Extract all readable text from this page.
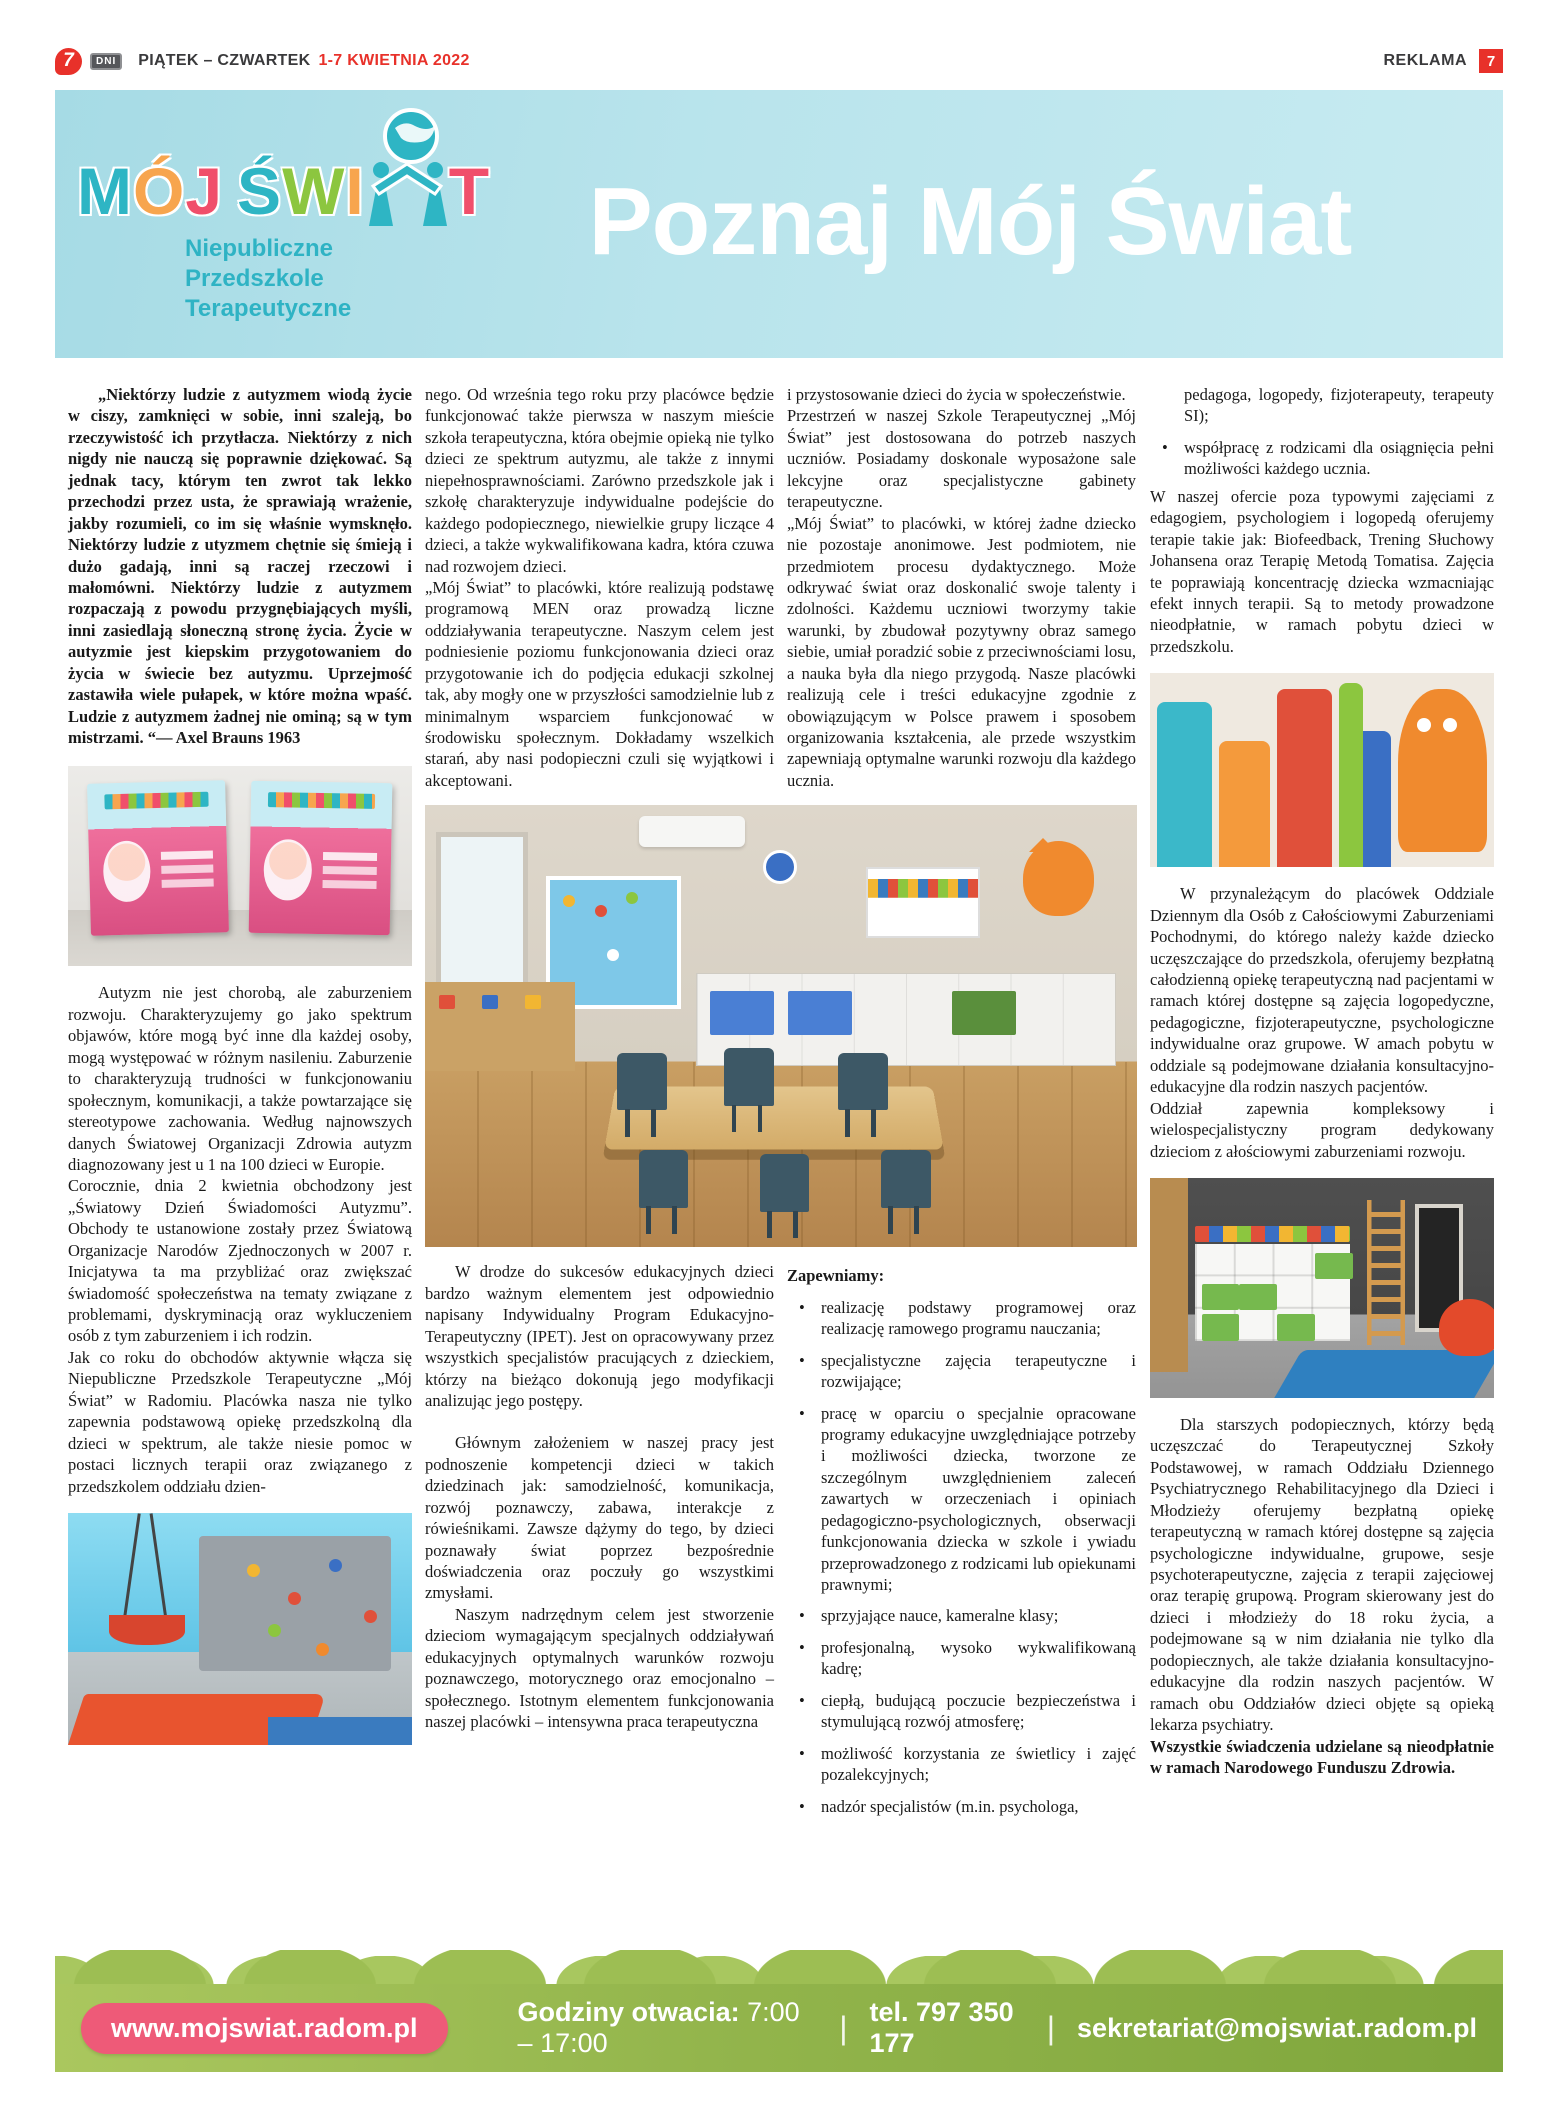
7	DNI	PIĄTEK – CZWARTEK 1-7 KWIETNIA 2022	REKLAMA	7
M Ó J Ś W I T
Niepubliczne Przedszkole
Terapeutyczne
Poznaj Mój Świat

„Niektórzy ludzie z autyzmem wiodą życie w ciszy, zamknięci w sobie, inni szaleją, bo rzeczywistość ich przytłacza. Niektórzy z nich nigdy nie nauczą się poprawnie dziękować. Są jednak tacy, którym ten zwrot tak lekko przechodzi przez usta, że sprawiają wrażenie, jakby rozumieli, co im się właśnie wymsknęło. Niektórzy ludzie z utyzmem chętnie się śmieją i dużo gadają, inni są raczej rzeczowi i małomówni. Niektórzy ludzie z autyzmem rozpaczają z powodu przygnębiających myśli, inni zasiedlają słoneczną stronę życia. Życie w autyzmie jest kiepskim przygotowaniem do życia w świecie bez autyzmu. Uprzejmość zastawiła wiele pułapek, w które można wpaść. Ludzie z autyzmem żadnej nie ominą; są w tym mistrzami. “— Axel Brauns 1963

Autyzm nie jest chorobą, ale zaburzeniem rozwoju. Charakteryzujemy go jako spektrum objawów, które mogą być inne dla każdej osoby, mogą występować w różnym nasileniu. Zaburzenie to charakteryzują trudności w funkcjonowaniu społecznym, komunikacji, a także powtarzające się stereotypowe zachowania. Według najnowszych danych Światowej Organizacji Zdrowia autyzm diagnozowany jest u 1 na 100 dzieci w Europie.

Corocznie, dnia 2 kwietnia obchodzony jest „Światowy Dzień Świadomości Autyzmu”. Obchody te ustanowione zostały przez Światową Organizacje Narodów Zjednoczonych w 2007 r. Inicjatywa ta ma przybliżać oraz zwiększać świadomość społeczeństwa na tematy związane z problemami, dyskryminacją oraz wykluczeniem osób z tym zaburzeniem i ich rodzin.

Jak co roku do obchodów aktywnie włącza się Niepubliczne Przedszkole Terapeutyczne „Mój Świat” w Radomiu. Placówka nasza nie tylko zapewnia podstawową opiekę przedszkolną dla dzieci w spektrum, ale także niesie pomoc w postaci licznych terapii oraz związanego z przedszkolem oddziału dzien-

nego. Od września tego roku przy placówce będzie funkcjonować także pierwsza w naszym mieście szkoła terapeutyczna, która obejmie opieką nie tylko dzieci ze spektrum autyzmu, ale także z innymi niepełnosprawnościami. Zarówno przedszkole jak i szkołę charakteryzuje indywidualne podejście do każdego podopiecznego, niewielkie grupy liczące 4 dzieci, a także wykwalifikowana kadra, która czuwa nad rozwojem dzieci.

„Mój Świat” to placówki, które realizują podstawę programową MEN oraz prowadzą liczne oddziaływania terapeutyczne. Naszym celem jest podniesienie poziomu funkcjonowania dzieci oraz przygotowanie ich do podjęcia edukacji szkolnej tak, aby mogły one w przyszłości samodzielnie lub z minimalnym wsparciem funkcjonować w środowisku społecznym. Dokładamy wszelkich starań, aby nasi podopieczni czuli się wyjątkowi i akceptowani.

i przystosowanie dzieci do życia w społeczeństwie.

Przestrzeń w naszej Szkole Terapeutycznej „Mój Świat” jest dostosowana do potrzeb naszych uczniów. Posiadamy doskonale wyposażone sale lekcyjne oraz specjalistyczne gabinety terapeutyczne.

„Mój Świat” to placówki, w której żadne dziecko nie pozostaje anonimowe. Jest podmiotem, nie przedmiotem procesu dydaktycznego. Może odkrywać świat oraz doskonalić swoje talenty i zdolności. Każdemu uczniowi tworzymy takie warunki, by zbudował pozytywny obraz samego siebie, umiał poradzić sobie z przeciwnościami losu, a nauka była dla niego przygodą. Nasze placówki realizują cele i treści edukacyjne zgodnie z obowiązującym w Polsce prawem i sposobem organizowania kształcenia, ale przede wszystkim zapewniają optymalne warunki rozwoju dla każdego ucznia.

W drodze do sukcesów edukacyjnych dzieci bardzo ważnym elementem jest odpowiednio napisany Indywidualny Program Edukacyjno-Terapeutyczny (IPET). Jest on opracowywany przez wszystkich specjalistów pracujących z dzieckiem, którzy na bieżąco dokonują jego modyfikacji analizując jego postępy.

Głównym założeniem w naszej pracy jest podnoszenie kompetencji dzieci w takich dziedzinach jak: samodzielność, komunikacja, rozwój poznawczy, zabawa, interakcje z rówieśnikami. Zawsze dążymy do tego, by dzieci poznawały świat poprzez bezpośrednie doświadczenia oraz poczuły go wszystkimi zmysłami.

Naszym nadrzędnym celem jest stworzenie dzieciom wymagającym specjalnych oddziaływań edukacyjnych optymalnych warunków rozwoju poznawczego, motorycznego oraz emocjonalno – społecznego. Istotnym elementem funkcjonowania naszej placówki – intensywna praca terapeutyczna

Zapewniamy:

• realizację podstawy programowej oraz realizację ramowego programu nauczania;
• specjalistyczne zajęcia terapeutyczne i rozwijające;
• pracę w oparciu o specjalnie opracowane programy edukacyjne uwzględniające potrzeby i możliwości dziecka, tworzone ze szczególnym uwzględnieniem zaleceń zawartych w orzeczeniach i opiniach pedagogiczno-psychologicznych, obserwacji funkcjonowania dziecka w szkole i ywiadu przeprowadzonego z rodzicami lub opiekunami prawnymi;
• sprzyjające nauce, kameralne klasy;
• profesjonalną, wysoko wykwalifikowaną kadrę;
• ciepłą, budującą poczucie bezpieczeństwa i stymulującą rozwój atmosferę;
• możliwość korzystania ze świetlicy i zajęć pozalekcyjnych;
• nadzór specjalistów (m.in. psychologa,

pedagoga, logopedy, fizjoterapeuty, terapeuty SI);

• współpracę z rodzicami dla osiągnięcia pełni możliwości każdego ucznia.

W naszej ofercie poza typowymi zajęciami z edagogiem, psychologiem i logopedą oferujemy terapie takie jak: Biofeedback, Trening Słuchowy Johansena oraz Terapię Metodą Tomatisa. Zajęcia te poprawiają koncentrację dziecka wzmacniając efekt innych terapii. Są to metody prowadzone nieodpłatnie, w ramach pobytu dzieci w przedszkolu.

W przynależącym do placówek Oddziale Dziennym dla Osób z Całościowymi Zaburzeniami Pochodnymi, do którego należy każde dziecko uczęszczające do przedszkola, oferujemy bezpłatną całodzienną opiekę terapeutyczną nad pacjentami w ramach której dostępne są zajęcia logopedyczne, pedagogiczne, fizjoterapeutyczne, psychologiczne indywidualne oraz grupowe. W amach pobytu w oddziale są podejmowane działania konsultacyjno-edukacyjne dla rodzin naszych pacjentów.

Oddział zapewnia kompleksowy i wielospecjalistyczny program dedykowany dzieciom z ałościowymi zaburzeniami rozwoju.

Dla starszych podopiecznych, którzy będą uczęszczać do Terapeutycznej Szkoły Podstawowej, w ramach Oddziału Dziennego Psychiatrycznego Rehabilitacyjnego dla Dzieci i Młodzieży oferujemy bezpłatną opiekę terapeutyczną w ramach której dostępne są zajęcia psychologiczne indywidualne, grupowe, sesje psychoterapeutyczne, zajęcia z terapii zajęciowej oraz terapię grupową. Program skierowany jest do dzieci i młodzieży do 18 roku życia, a podejmowane są w nim działania nie tylko dla podopiecznych, ale także działania konsultacyjno-edukacyjne dla rodzin naszych pacjentów. W ramach obu Oddziałów dzieci objęte są opieką lekarza psychiatry.

Wszystkie świadczenia udzielane są nieodpłatnie w ramach Narodowego Funduszu Zdrowia.

www.mojswiat.radom.pl
Godziny otwacia: 7:00 – 17:00	| tel. 797 350 177	| sekretariat@mojswiat.radom.pl
